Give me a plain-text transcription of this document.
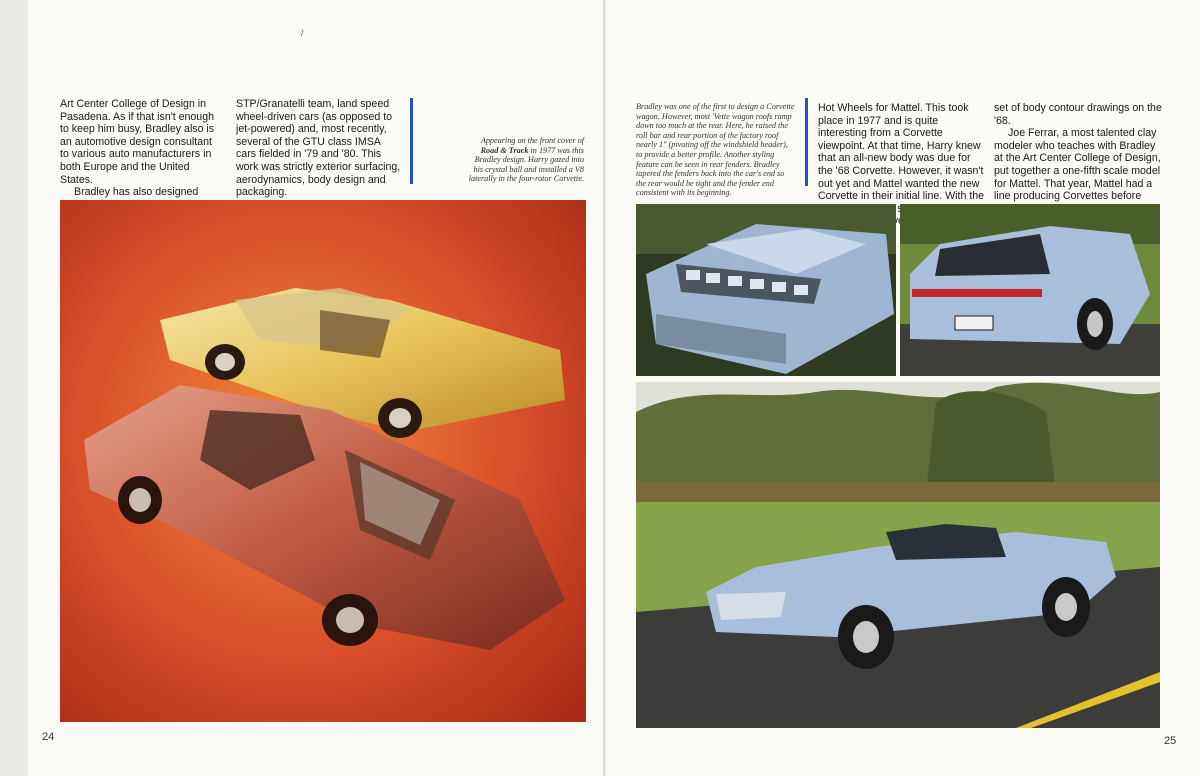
/

Art Center College of Design in Pasadena. As if that isn't enough to keep him busy, Bradley also is an automotive design consultant to various auto manufacturers in both Europe and the United States.

Bradley has also designed

STP/Granatelli team, land speed wheel-driven cars (as opposed to jet-powered) and, most recently, several of the GTU class IMSA cars fielded in '79 and '80. This work was strictly exterior surfacing, aerodynamics, body design and packaging.

Appearing on the front cover of Road & Track in 1977 was this Bradley design. Harry gazed into his crystal ball and installed a V8 laterally in the four-rotor Corvette.
24
Bradley was one of the first to design a Corvette wagon. However, most 'Vette wagon roofs ramp down too much at the rear. Here, he raised the roll bar and rear portion of the factory roof nearly 1" (pivoting off the windshield header), to provide a better profile. Another styling feature can be seen in rear fenders. Bradley tapered the fenders back into the car's end so the rear would be tight and the fender end consistent with its beginning.

Hot Wheels for Mattel. This took place in 1977 and is quite interesting from a Corvette viewpoint. At that time, Harry knew that an all-new body was due for the '68 Corvette. However, it wasn't out yet and Mattel wanted the new Corvette in their initial line. With the

set of body contour drawings on the '68.

Joe Ferrar, a most talented clay modeler who teaches with Bradley at the Art Center College of Design, put together a one-fifth scale model for Mattel. That year, Mattel had a line producing Corvettes before

25
